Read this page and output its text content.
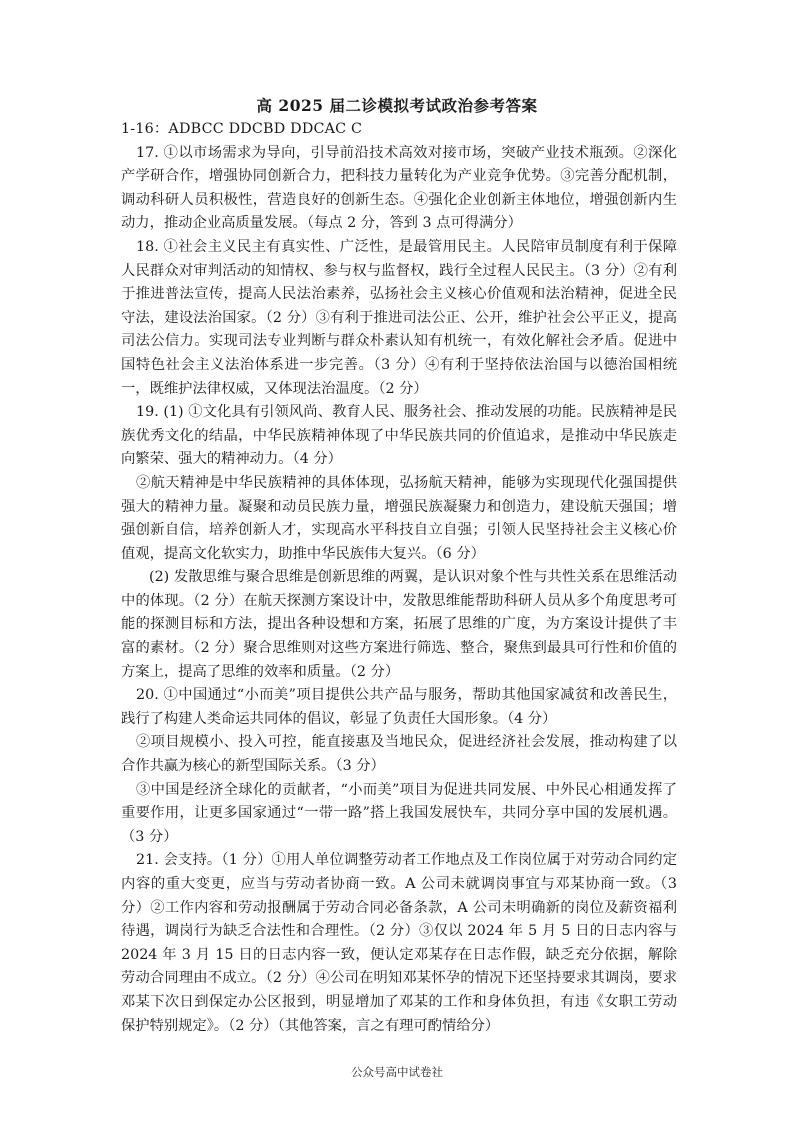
高 2025 届二诊模拟考试政治参考答案

1-16：ADBCC DDCBD DDCAC C

17. ①以市场需求为导向，引导前沿技术高效对接市场，突破产业技术瓶颈。②深化产学研合作，增强协同创新合力，把科技力量转化为产业竞争优势。③完善分配机制，调动科研人员积极性，营造良好的创新生态。④强化企业创新主体地位，增强创新内生动力，推动企业高质量发展。（每点 2 分，答到 3 点可得满分）

18. ①社会主义民主有真实性、广泛性，是最管用民主。人民陪审员制度有利于保障人民群众对审判活动的知情权、参与权与监督权，践行全过程人民民主。（3 分）②有利于推进普法宣传，提高人民法治素养，弘扬社会主义核心价值观和法治精神，促进全民守法，建设法治国家。（2 分）③有利于推进司法公正、公开，维护社会公平正义，提高司法公信力。实现司法专业判断与群众朴素认知有机统一，有效化解社会矛盾。促进中国特色社会主义法治体系进一步完善。（3 分）④有利于坚持依法治国与以德治国相统一，既维护法律权威，又体现法治温度。（2 分）

19. (1) ①文化具有引领风尚、教育人民、服务社会、推动发展的功能。民族精神是民族优秀文化的结晶，中华民族精神体现了中华民族共同的价值追求，是推动中华民族走向繁荣、强大的精神动力。（4 分）

②航天精神是中华民族精神的具体体现，弘扬航天精神，能够为实现现代化强国提供强大的精神力量。凝聚和动员民族力量，增强民族凝聚力和创造力，建设航天强国；增强创新自信，培养创新人才，实现高水平科技自立自强；引领人民坚持社会主义核心价值观，提高文化软实力，助推中华民族伟大复兴。（6 分）

(2) 发散思维与聚合思维是创新思维的两翼，是认识对象个性与共性关系在思维活动中的体现。（2 分）在航天探测方案设计中，发散思维能帮助科研人员从多个角度思考可能的探测目标和方法，提出各种设想和方案，拓展了思维的广度，为方案设计提供了丰富的素材。（2 分）聚合思维则对这些方案进行筛选、整合，聚焦到最具可行性和价值的方案上，提高了思维的效率和质量。（2 分）

20. ①中国通过“小而美”项目提供公共产品与服务，帮助其他国家减贫和改善民生，践行了构建人类命运共同体的倡议，彰显了负责任大国形象。（4 分）

②项目规模小、投入可控，能直接惠及当地民众，促进经济社会发展，推动构建了以合作共赢为核心的新型国际关系。（3 分）

③中国是经济全球化的贡献者，“小而美”项目为促进共同发展、中外民心相通发挥了重要作用，让更多国家通过“一带一路”搭上我国发展快车，共同分享中国的发展机遇。（3 分）

21. 会支持。（1 分）①用人单位调整劳动者工作地点及工作岗位属于对劳动合同约定内容的重大变更，应当与劳动者协商一致。A 公司未就调岗事宜与邓某协商一致。（3 分）②工作内容和劳动报酬属于劳动合同必备条款，A 公司未明确新的岗位及薪资福利待遇，调岗行为缺乏合法性和合理性。（2 分）③仅以 2024 年 5 月 5 日的日志内容与 2024 年 3 月 15 日的日志内容一致，便认定邓某存在日志作假，缺乏充分依据，解除劳动合同理由不成立。（2 分）④公司在明知邓某怀孕的情况下还坚持要求其调岗，要求邓某下次日到保定办公区报到，明显增加了邓某的工作和身体负担，有违《女职工劳动保护特别规定》。（2 分）（其他答案，言之有理可酌情给分）

公众号高中试卷社
